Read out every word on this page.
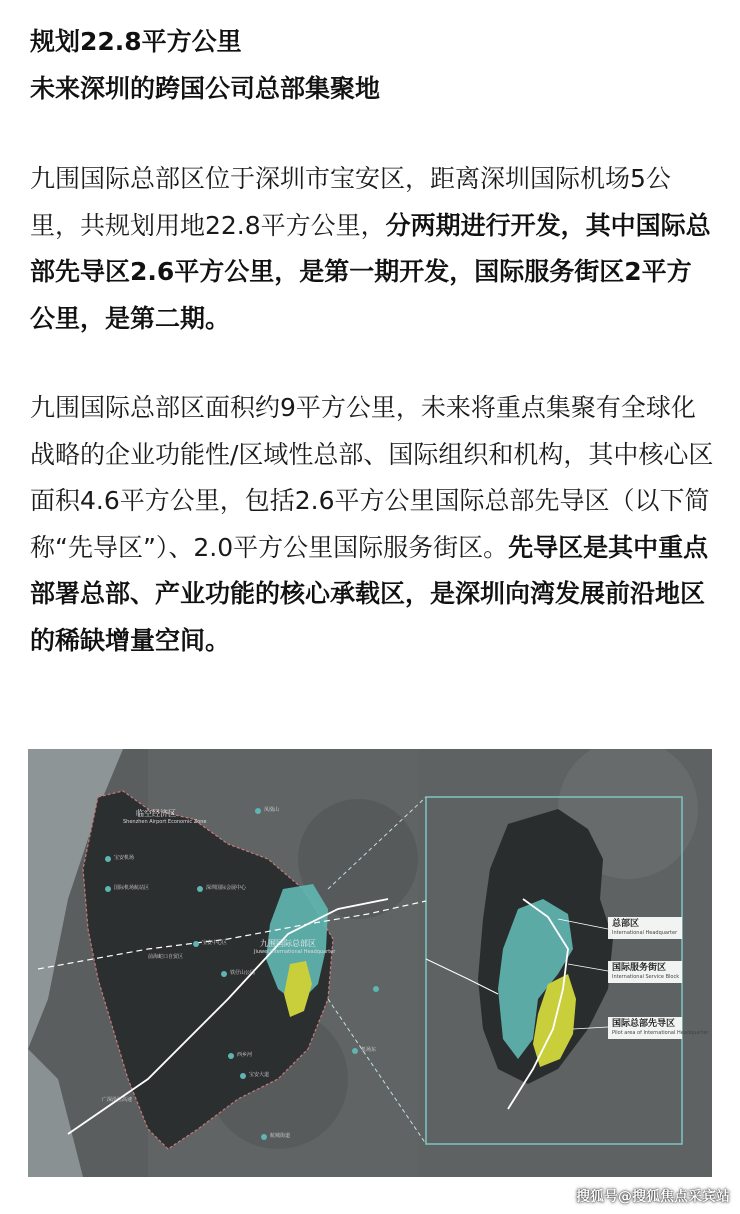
规划22.8平方公里
未来深圳的跨国公司总部集聚地

九围国际总部区位于深圳市宝安区，距离深圳国际机场5公里，共规划用地22.8平方公里，分两期进行开发，其中国际总部先导区2.6平方公里，是第一期开发，国际服务街区2平方公里，是第二期。

九围国际总部区面积约9平方公里，未来将重点集聚有全球化战略的企业功能性/区域性总部、国际组织和机构，其中核心区面积4.6平方公里，包括2.6平方公里国际总部先导区（以下简称“先导区”）、2.0平方公里国际服务街区。先导区是其中重点部署总部、产业功能的核心承载区，是深圳向湾发展前沿地区的稀缺增量空间。

临空经济区
Shenzhen Airport Economic Zone
九围国际总部区
Jiuwei International Headquarter
宝安机场
国际机场航站区	深圳国际会展中心
凤凰山
宝安中心区
前海蛇口自贸区
铁仔山公园
西乡河
宝安大道
机场东
广深沿江高速
航城街道
总部区
International Headquarter
国际服务街区
International Service Block
国际总部先导区
Pilot area of International Headquarter
搜狐号@搜狐焦点采宾站
